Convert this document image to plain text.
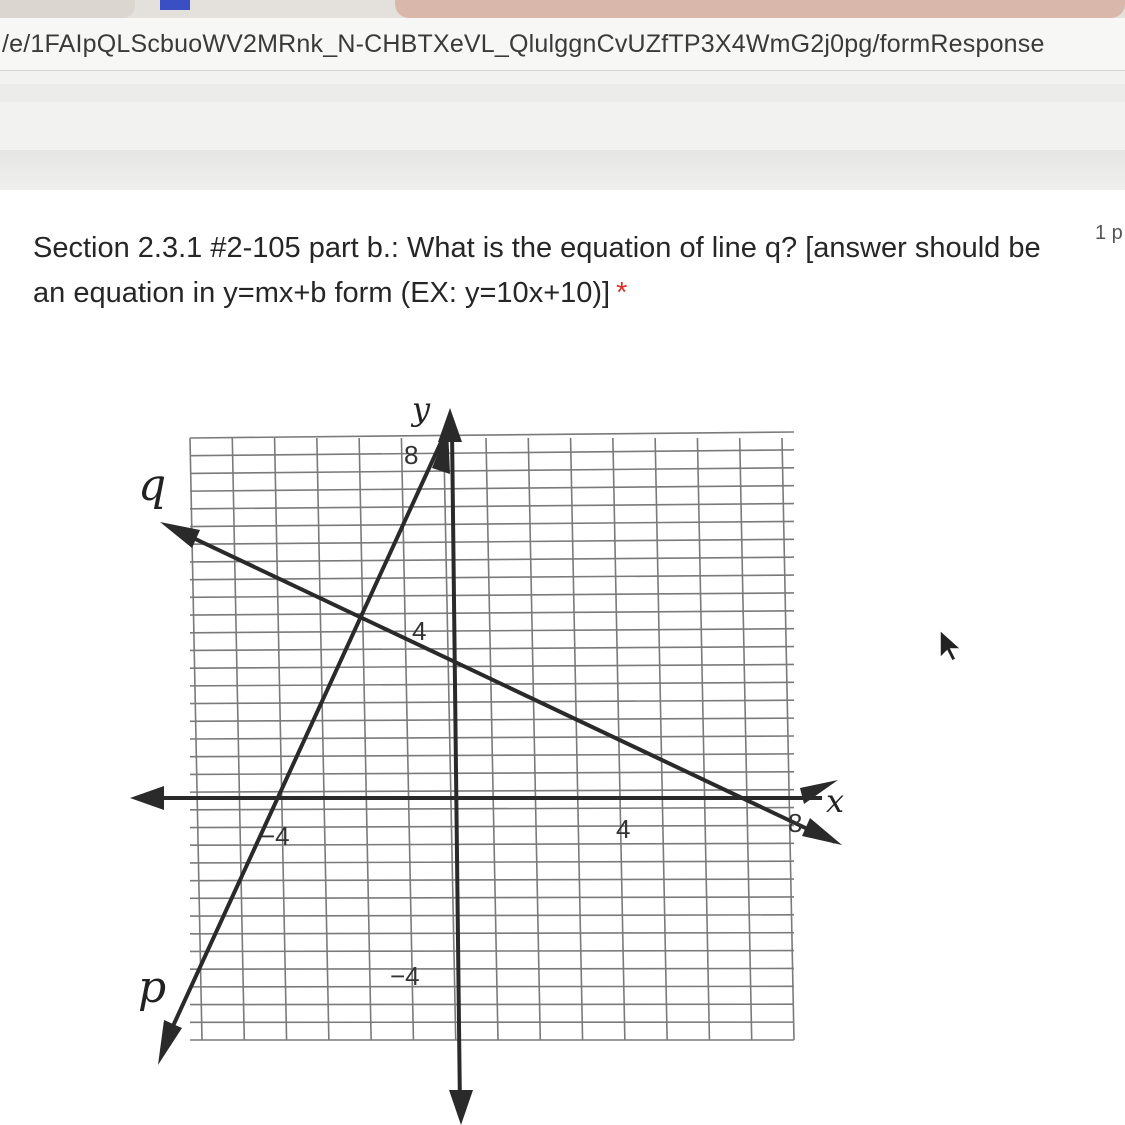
/e/1FAIpQLScbuoWV2MRnk_N-CHBTXeVL_QlulggnCvUZfTP3X4WmG2j0pg/formResponse
Section 2.3.1 #2-105 part b.: What is the equation of line q? [answer should be an equation in y=mx+b form (EX: y=10x+10)] *
1 p
q
p
y
x
8
4
−4
−4	4	8
